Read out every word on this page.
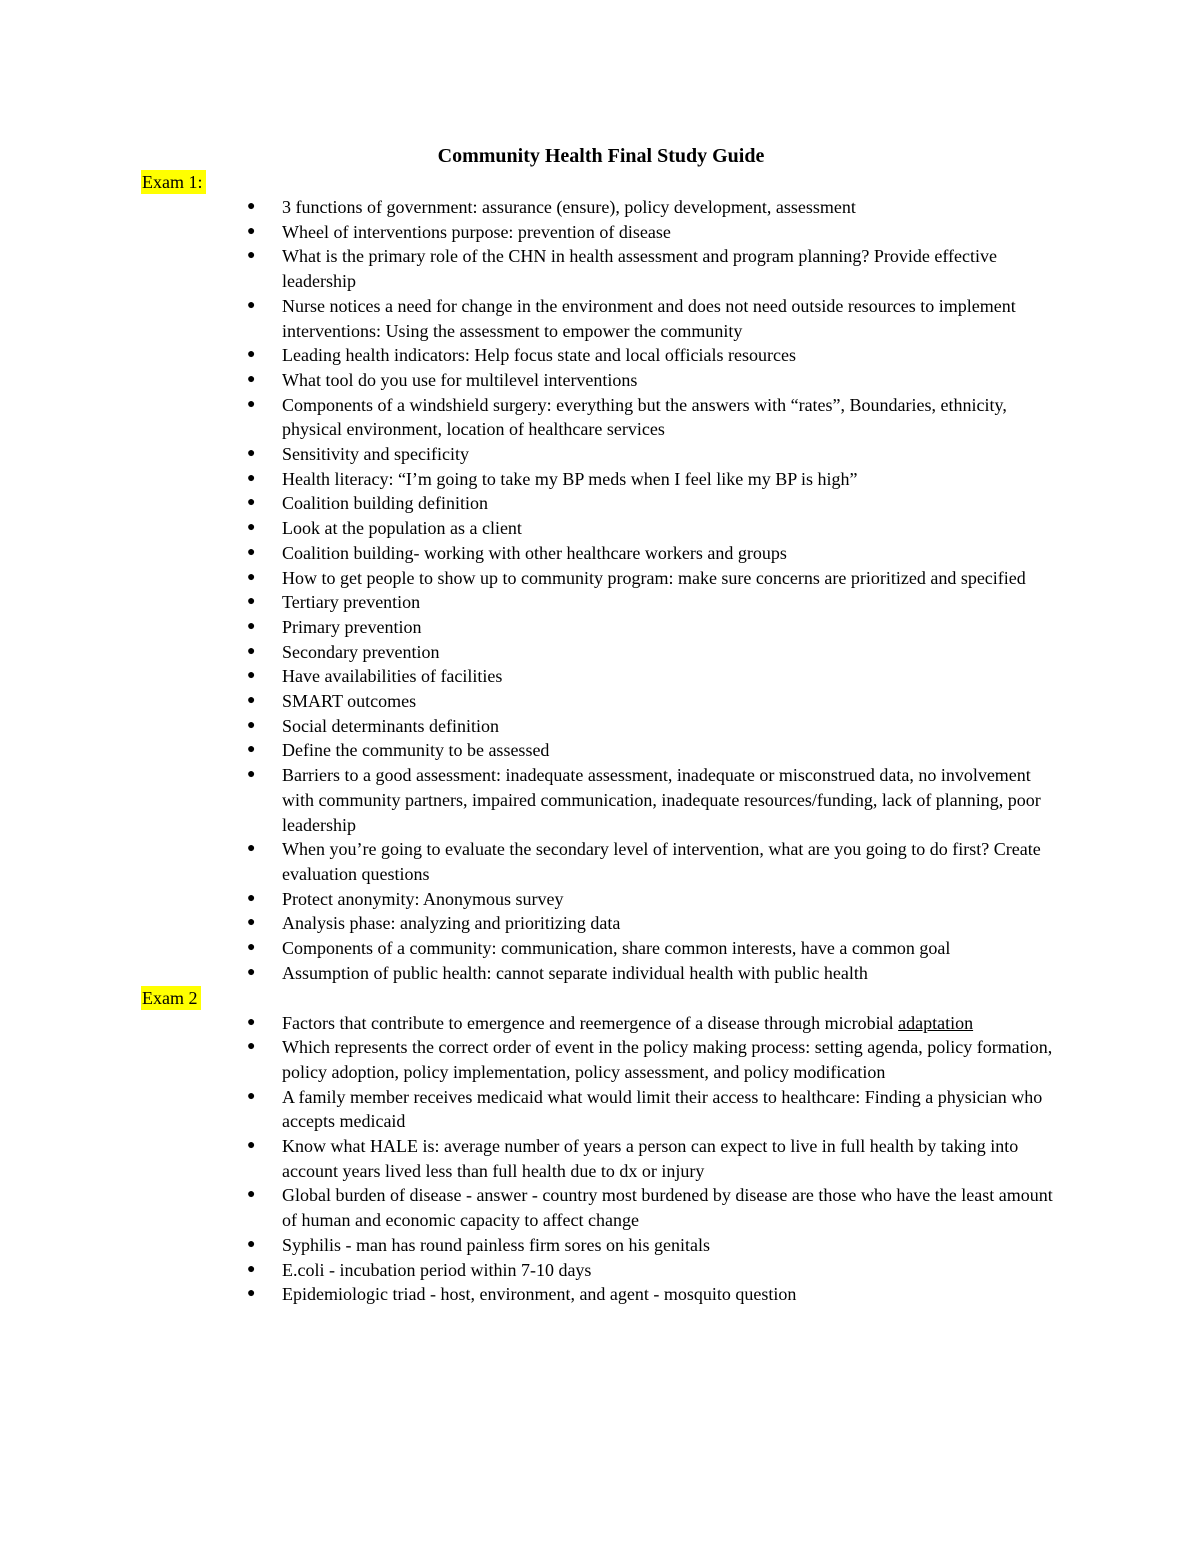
Community Health Final Study Guide
Exam 1:
● 3 functions of government: assurance (ensure), policy development, assessment
● Wheel of interventions purpose: prevention of disease
● What is the primary role of the CHN in health assessment and program planning? Provide effective leadership
● Nurse notices a need for change in the environment and does not need outside resources to implement interventions: Using the assessment to empower the community
● Leading health indicators: Help focus state and local officials resources
● What tool do you use for multilevel interventions
● Components of a windshield surgery: everything but the answers with “rates”, Boundaries, ethnicity, physical environment, location of healthcare services
● Sensitivity and specificity
● Health literacy: “I’m going to take my BP meds when I feel like my BP is high”
● Coalition building definition
● Look at the population as a client
● Coalition building- working with other healthcare workers and groups
● How to get people to show up to community program: make sure concerns are prioritized and specified
● Tertiary prevention
● Primary prevention
● Secondary prevention
● Have availabilities of facilities
● SMART outcomes
● Social determinants definition
● Define the community to be assessed
● Barriers to a good assessment: inadequate assessment, inadequate or misconstrued data, no involvement with community partners, impaired communication, inadequate resources/funding, lack of planning, poor leadership
● When you’re going to evaluate the secondary level of intervention, what are you going to do first? Create evaluation questions
● Protect anonymity: Anonymous survey
● Analysis phase: analyzing and prioritizing data
● Components of a community: communication, share common interests, have a common goal
● Assumption of public health: cannot separate individual health with public health
Exam 2
● Factors that contribute to emergence and reemergence of a disease through microbial adaptation
● Which represents the correct order of event in the policy making process: setting agenda, policy formation, policy adoption, policy implementation, policy assessment, and policy modification
● A family member receives medicaid what would limit their access to healthcare: Finding a physician who accepts medicaid
● Know what HALE is: average number of years a person can expect to live in full health by taking into account years lived less than full health due to dx or injury
● Global burden of disease - answer - country most burdened by disease are those who have the least amount of human and economic capacity to affect change
● Syphilis - man has round painless firm sores on his genitals
● E.coli - incubation period within 7-10 days
● Epidemiologic triad - host, environment, and agent - mosquito question
